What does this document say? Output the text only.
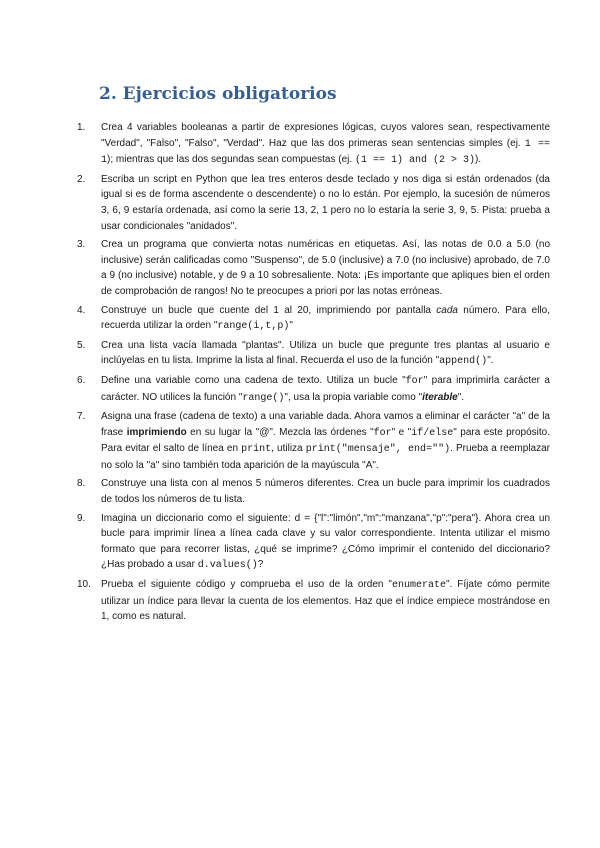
2. Ejercicios obligatorios
1. Crea 4 variables booleanas a partir de expresiones lógicas, cuyos valores sean, respectivamente "Verdad", "Falso", "Falso", "Verdad". Haz que las dos primeras sean sentencias simples (ej. 1 == 1); mientras que las dos segundas sean compuestas (ej. (1 == 1) and (2 > 3)).
2. Escriba un script en Python que lea tres enteros desde teclado y nos diga si están ordenados (da igual si es de forma ascendente o descendente) o no lo están. Por ejemplo, la sucesión de números 3, 6, 9 estaría ordenada, así como la serie 13, 2, 1 pero no lo estaría la serie 3, 9, 5. Pista: prueba a usar condicionales "anidados".
3. Crea un programa que convierta notas numéricas en etiquetas. Así, las notas de 0.0 a 5.0 (no inclusive) serán calificadas como "Suspenso", de 5.0 (inclusive) a 7.0 (no inclusive) aprobado, de 7.0 a 9 (no inclusive) notable, y de 9 a 10 sobresaliente. Nota: ¡Es importante que apliques bien el orden de comprobación de rangos! No te preocupes a priori por las notas erróneas.
4. Construye un bucle que cuente del 1 al 20, imprimiendo por pantalla cada número. Para ello, recuerda utilizar la orden "range(i,t,p)"
5. Crea una lista vacía llamada "plantas". Utiliza un bucle que pregunte tres plantas al usuario e inclúyelas en tu lista. Imprime la lista al final. Recuerda el uso de la función "append()".
6. Define una variable como una cadena de texto. Utiliza un bucle "for" para imprimirla carácter a carácter. NO utilices la función "range()", usa la propia variable como "iterable".
7. Asigna una frase (cadena de texto) a una variable dada. Ahora vamos a eliminar el carácter "a" de la frase imprimiendo en su lugar la "@". Mezcla las órdenes "for" e "if/else" para este propósito. Para evitar el salto de línea en print, utiliza print("mensaje", end=""). Prueba a reemplazar no solo la "a" sino también toda aparición de la mayúscula "A".
8. Construye una lista con al menos 5 números diferentes. Crea un bucle para imprimir los cuadrados de todos los números de tu lista.
9. Imagina un diccionario como el siguiente: d = {"l":"limón","m":"manzana","p":"pera"}. Ahora crea un bucle para imprimir línea a línea cada clave y su valor correspondiente. Intenta utilizar el mismo formato que para recorrer listas, ¿qué se imprime? ¿Cómo imprimir el contenido del diccionario? ¿Has probado a usar d.values()?
10. Prueba el siguiente código y comprueba el uso de la orden "enumerate". Fíjate cómo permite utilizar un índice para llevar la cuenta de los elementos. Haz que el índice empiece mostrándose en 1, como es natural.
